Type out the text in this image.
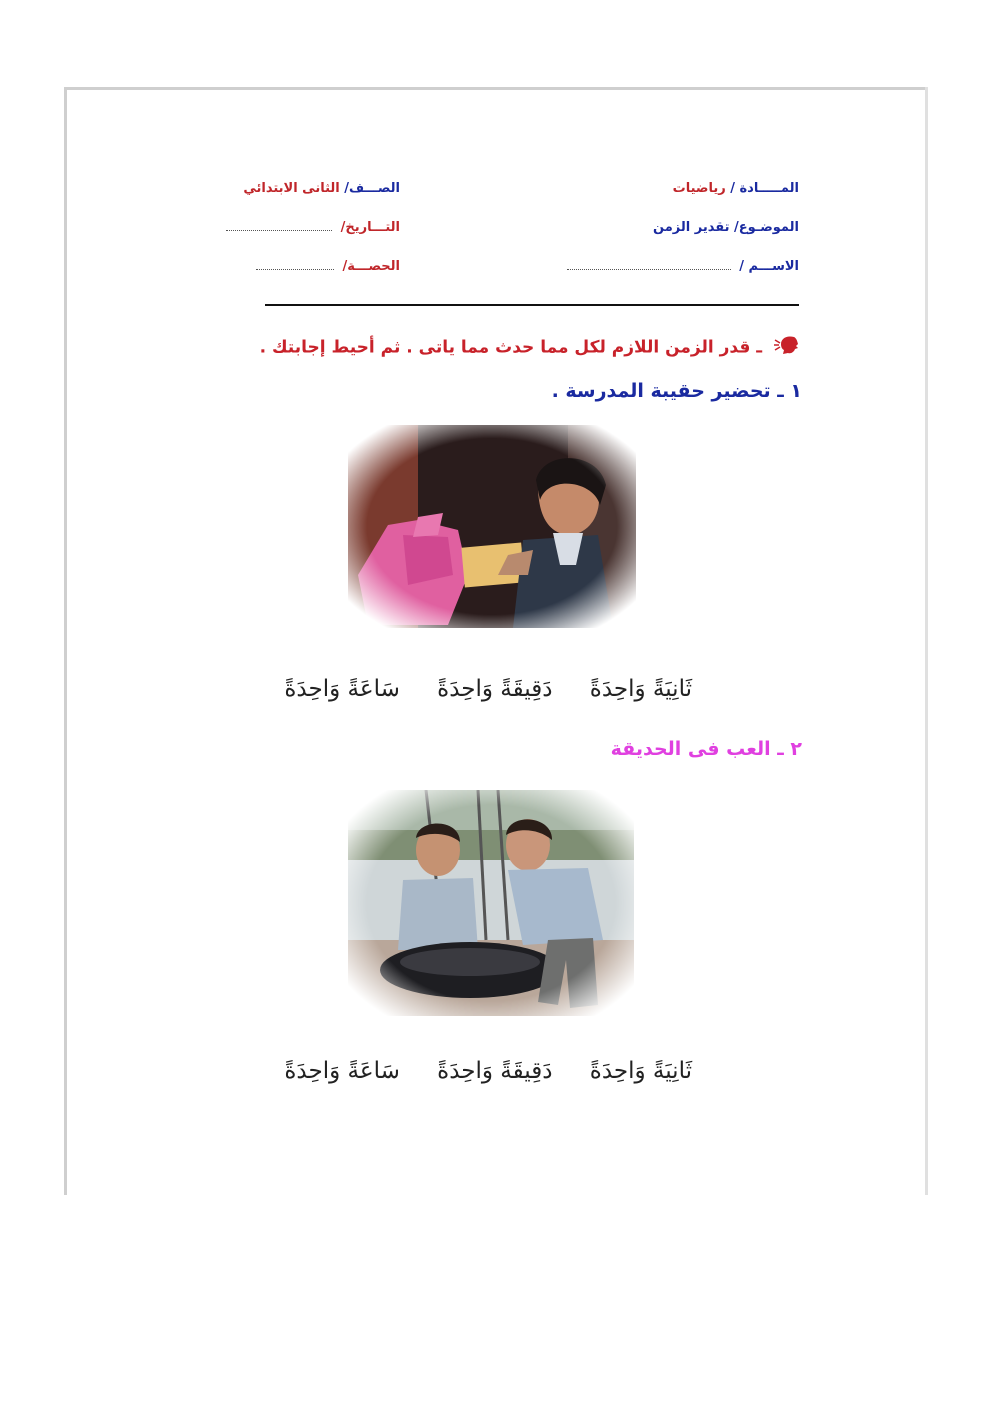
المـــــادة / رياضيات
الصـــف/ الثانى الابتدائي
الموضـوع/ تقدير الزمن
التـــاريخ/
الاســـم /
الحصـــة/
ـ قدر الزمن اللازم لكل مما حدث مما ياتى . ثم أحيط إجابتك .
١ ـ تحضير حقيبة المدرسة .
ثَانِيَةً وَاحِدَةً دَقِيقَةً وَاحِدَةً سَاعَةً وَاحِدَةً
٢ ـ العب فى الحديقة
ثَانِيَةً وَاحِدَةً دَقِيقَةً وَاحِدَةً سَاعَةً وَاحِدَةً
